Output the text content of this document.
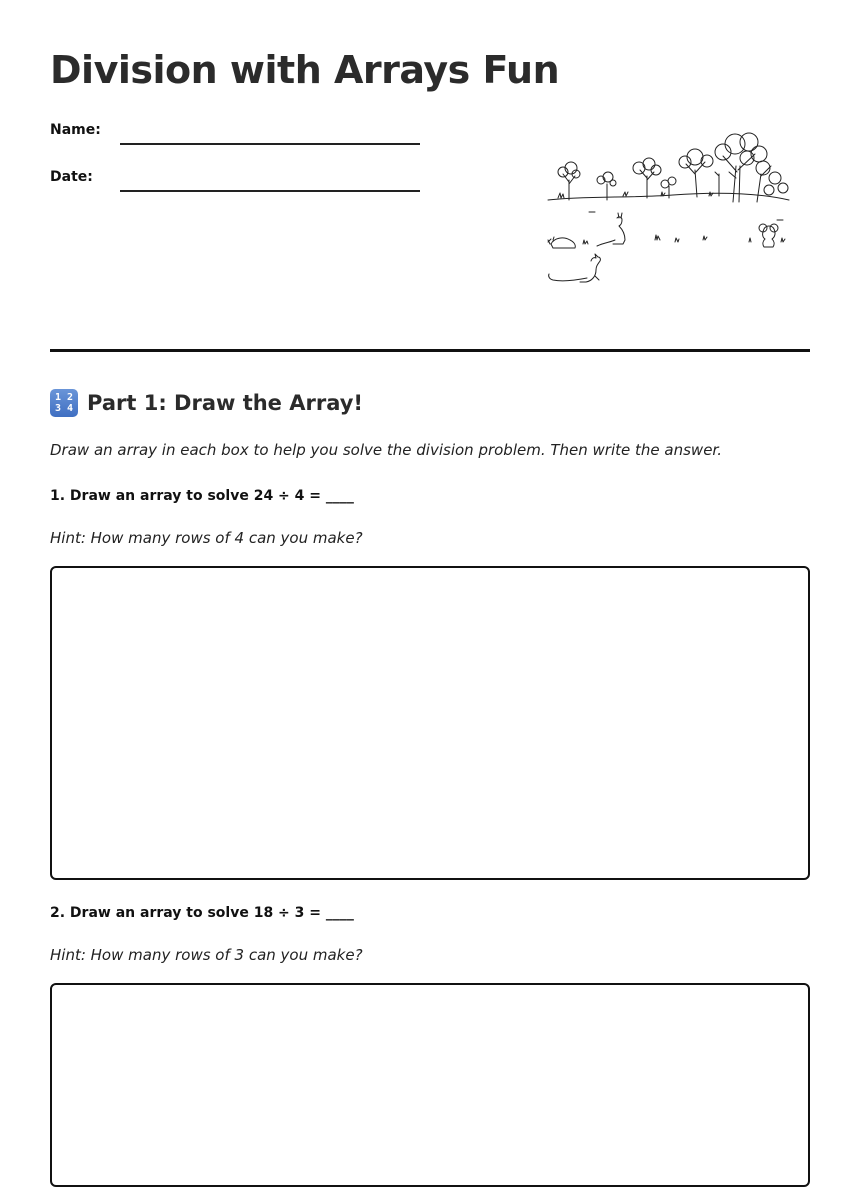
Division with Arrays Fun
Name:
Date:
1 2
3 4 Part 1: Draw the Array!
Draw an array in each box to help you solve the division problem. Then write the answer.
1. Draw an array to solve 24 ÷ 4 = ____
Hint: How many rows of 4 can you make?
2. Draw an array to solve 18 ÷ 3 = ____
Hint: How many rows of 3 can you make?
